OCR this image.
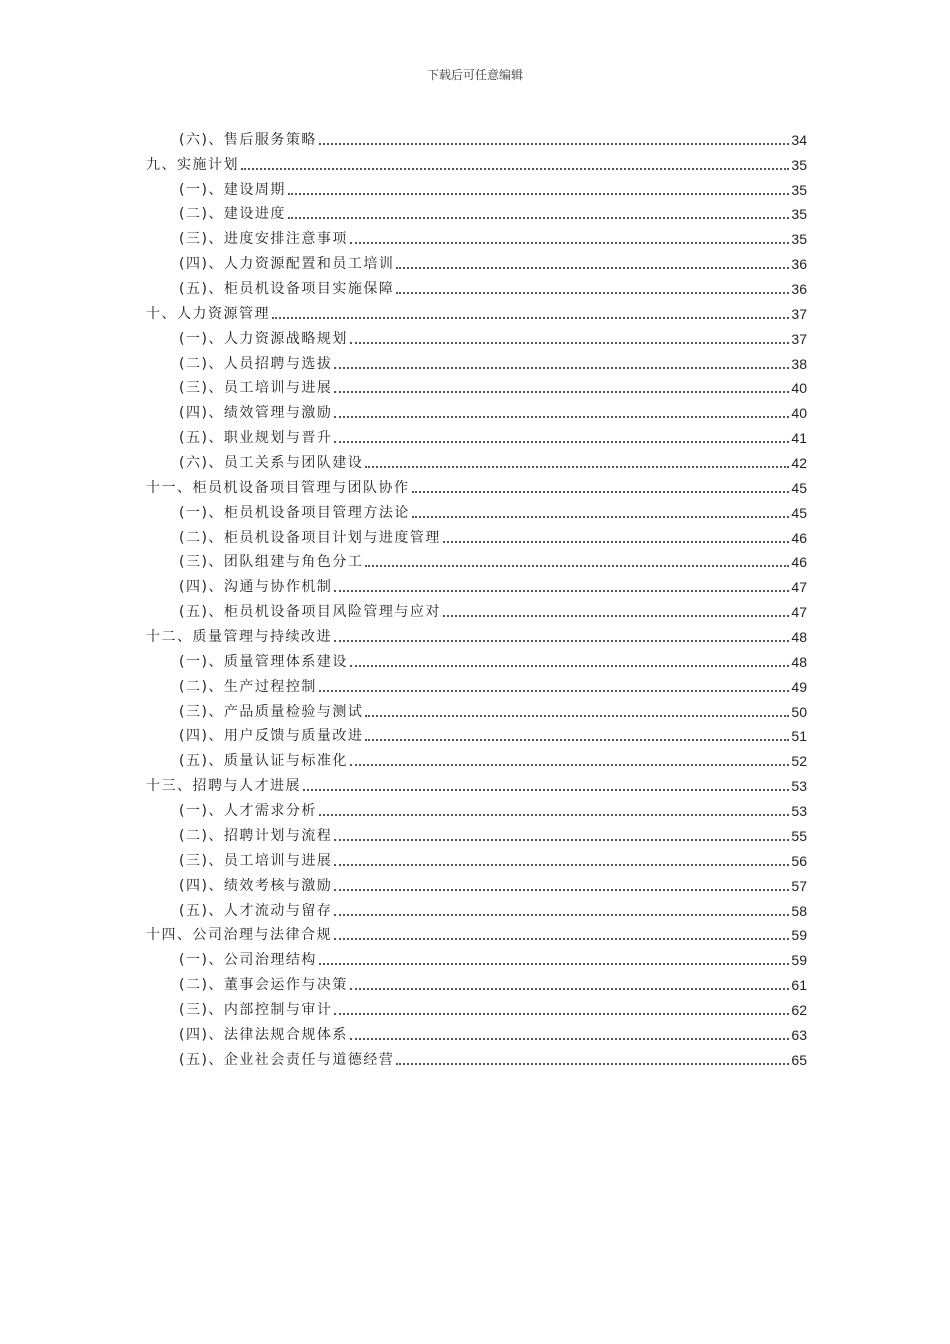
下载后可任意编辑
(六)、售后服务策略	34
九、实施计划	35
(一)、建设周期	35
(二)、建设进度	35
(三)、进度安排注意事项	35
(四)、人力资源配置和员工培训	36
(五)、柜员机设备项目实施保障	36
十、人力资源管理	37
(一)、人力资源战略规划	37
(二)、人员招聘与选拔	38
(三)、员工培训与进展	40
(四)、绩效管理与激励	40
(五)、职业规划与晋升	41
(六)、员工关系与团队建设	42
十一、柜员机设备项目管理与团队协作	45
(一)、柜员机设备项目管理方法论	45
(二)、柜员机设备项目计划与进度管理	46
(三)、团队组建与角色分工	46
(四)、沟通与协作机制	47
(五)、柜员机设备项目风险管理与应对	47
十二、质量管理与持续改进	48
(一)、质量管理体系建设	48
(二)、生产过程控制	49
(三)、产品质量检验与测试	50
(四)、用户反馈与质量改进	51
(五)、质量认证与标准化	52
十三、招聘与人才进展	53
(一)、人才需求分析	53
(二)、招聘计划与流程	55
(三)、员工培训与进展	56
(四)、绩效考核与激励	57
(五)、人才流动与留存	58
十四、公司治理与法律合规	59
(一)、公司治理结构	59
(二)、董事会运作与决策	61
(三)、内部控制与审计	62
(四)、法律法规合规体系	63
(五)、企业社会责任与道德经营	65
